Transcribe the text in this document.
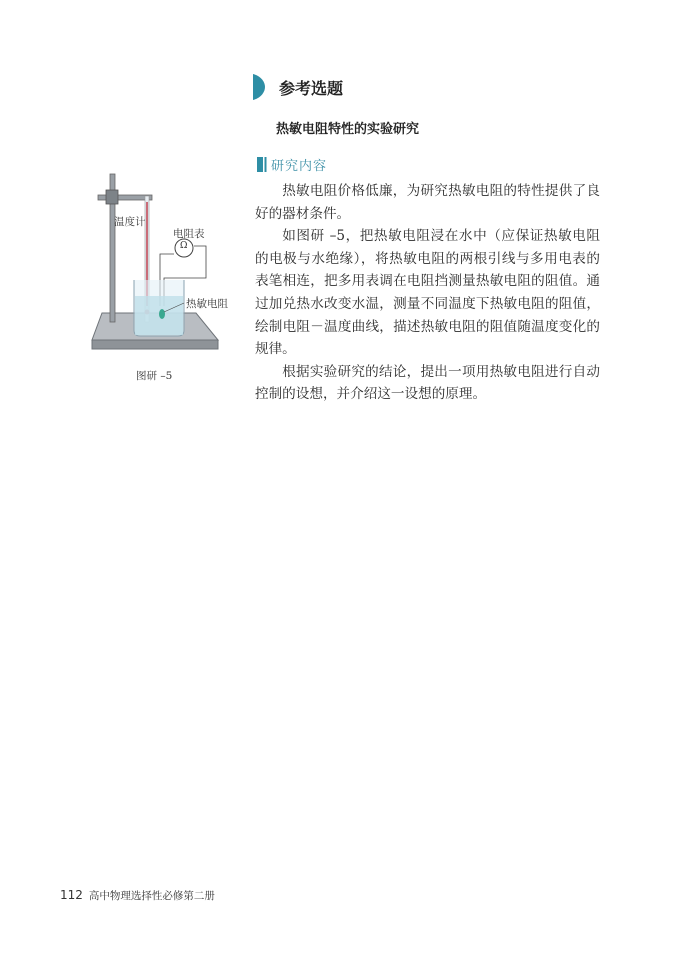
参考选题
热敏电阻特性的实验研究
研究内容

热敏电阻价格低廉，为研究热敏电阻的特性提供了良好的器材条件。

如图研 –5，把热敏电阻浸在水中（应保证热敏电阻的电极与水绝缘），将热敏电阻的两根引线与多用电表的表笔相连，把多用表调在电阻挡测量热敏电阻的阻值。通过加兑热水改变水温，测量不同温度下热敏电阻的阻值，绘制电阻－温度曲线，描述热敏电阻的阻值随温度变化的规律。

根据实验研究的结论，提出一项用热敏电阻进行自动控制的设想，并介绍这一设想的原理。

温度计
电阻表
Ω
热敏电阻
图研 –5
112 高中物理选择性必修第二册
